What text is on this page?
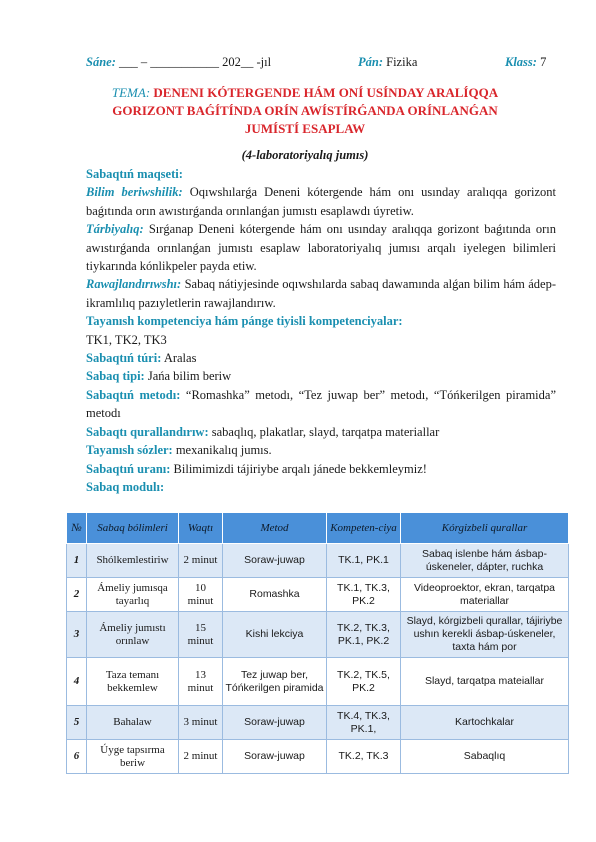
Sáne: ___ – ___________ 202__ -jıl	Pán: Fizika	Klass: 7
TEMA: DENENI KÓTERGENDE HÁM ONÍ USÍNDAY ARALÍQQA
GORIZONT BAǴÍTÍNDA ORÍN AWÍSTÍRǴANDA ORÍNLANǴAN
JUMÍSTÍ ESAPLAW
(4-laboratoriyalıq jumıs)

Sabaqtıń maqseti:

Bilim beriwshilik: Oqıwshılarǵa Deneni kótergende hám onı usınday aralıqqa gorizont baǵıtında orın awıstırǵanda orınlanǵan jumıstı esaplawdı úyretiw.

Tárbiyalıq: Sırǵanap Deneni kótergende hám onı usınday aralıqqa gorizont baǵıtında orın awıstırǵanda orınlanǵan jumıstı esaplaw laboratoriyalıq jumısı arqalı iyelegen bilimleri tiykarında kónlikpeler payda etiw.

Rawajlandırıwshı: Sabaq nátiyjesinde oqıwshılarda sabaq dawamında alǵan bilim hám ádep-ikramlılıq pazıyletlerin rawajlandırıw.

Tayanısh kompetenciya hám pánge tiyisli kompetenciyalar:

TK1, TK2, TK3

Sabaqtıń túri: Aralas

Sabaq tipi: Jańa bilim beriw

Sabaqtıń metodı: “Romashka” metodı, “Tez juwap ber” metodı, “Tóńkerilgen piramida” metodı

Sabaqtı qurallandırıw: sabaqlıq, plakatlar, slayd, tarqatpa materiallar

Tayanısh sózler: mexanikalıq jumıs.

Sabaqtıń uranı: Bilimimizdi tájiriybe arqalı jánede bekkemleymiz!

Sabaq modulı:

№	Sabaq bólimleri	Waqtı	Metod	Kompeten-ciya	Kórgizbeli qurallar
1	Shólkemlestiriw	2 minut	Soraw-juwap	TK.1, PK.1	Sabaq islenbe hám ásbap-úskeneler, dápter, ruchka
2	Ámeliy jumısqa tayarlıq	10 minut	Romashka	TK.1, TK.3, PK.2	Videoproektor, ekran, tarqatpa materiallar
3	Ámeliy jumıstı orınlaw	15 minut	Kishi lekciya	TK.2, TK.3, PK.1, PK.2	Slayd, kórgizbeli qurallar, tájiriybe ushın kerekli ásbap-úskeneler, taxta hám por
4	Taza temanı bekkemlew	13 minut	Tez juwap ber, Tóńkerilgen piramida	TK.2, TK.5, PK.2	Slayd, tarqatpa mateiallar
5	Bahalaw	3 minut	Soraw-juwap	TK.4, TK.3, PK.1,	Kartochkalar
6	Úyge tapsırma beriw	2 minut	Soraw-juwap	TK.2, TK.3	Sabaqlıq
